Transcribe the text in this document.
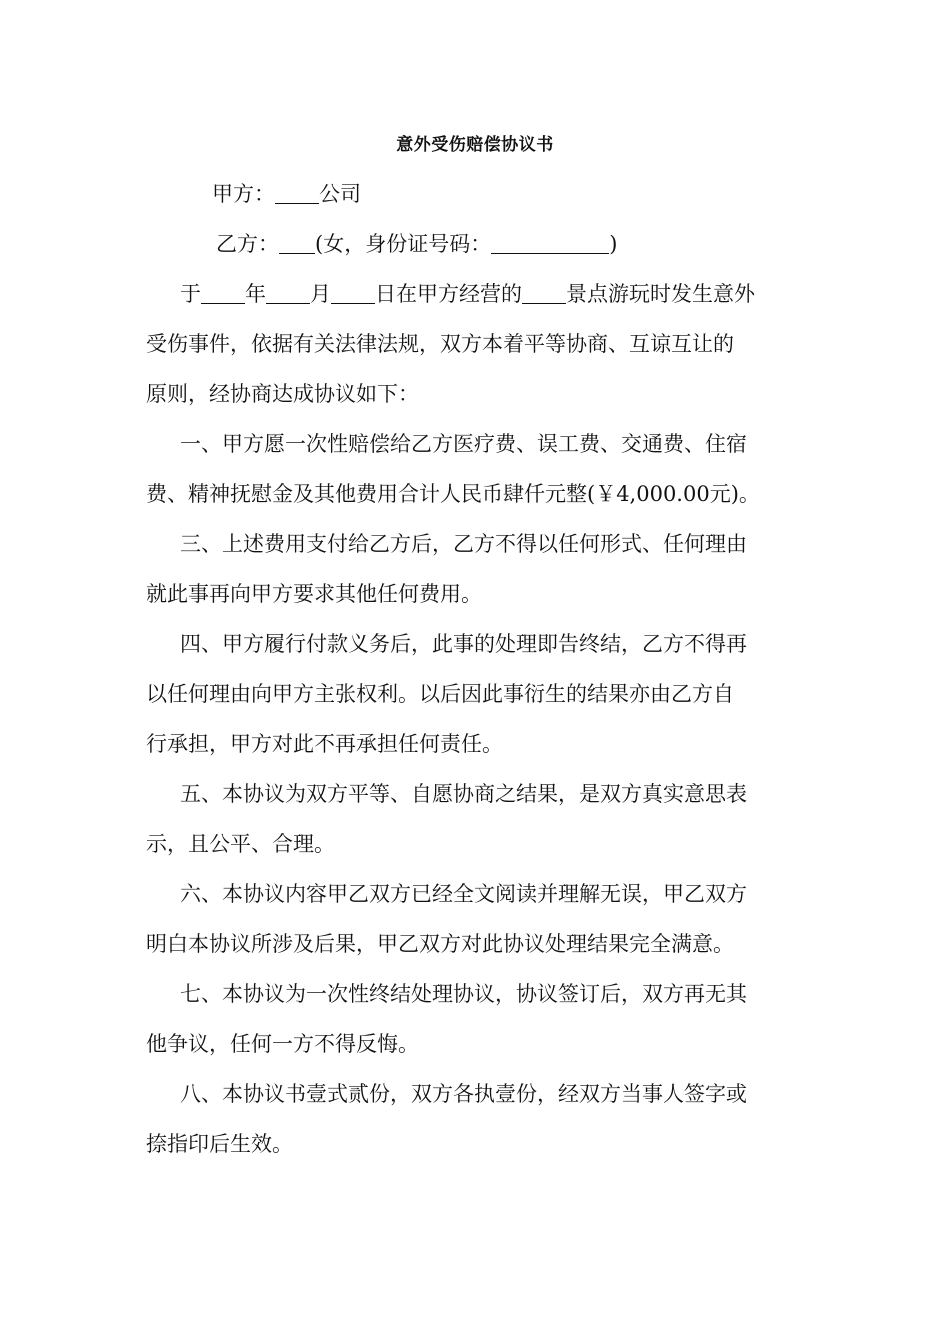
意外受伤赔偿协议书
甲方： 公司
乙方： (女，身份证号码：	)
于 年 月 日在甲方经营的 景点游玩时发生意外
受伤事件，依据有关法律法规，双方本着平等协商、互谅互让的
原则，经协商达成协议如下：
一、甲方愿一次性赔偿给乙方医疗费、误工费、交通费、住宿
费、精神抚慰金及其他费用合计人民币肆仟元整(￥4,000.00元)。
三、上述费用支付给乙方后，乙方不得以任何形式、任何理由
就此事再向甲方要求其他任何费用。
四、甲方履行付款义务后，此事的处理即告终结，乙方不得再
以任何理由向甲方主张权利。以后因此事衍生的结果亦由乙方自
行承担，甲方对此不再承担任何责任。
五、本协议为双方平等、自愿协商之结果，是双方真实意思表
示，且公平、合理。
六、本协议内容甲乙双方已经全文阅读并理解无误，甲乙双方
明白本协议所涉及后果，甲乙双方对此协议处理结果完全满意。
七、本协议为一次性终结处理协议，协议签订后，双方再无其
他争议，任何一方不得反悔。
八、本协议书壹式贰份，双方各执壹份，经双方当事人签字或
捺指印后生效。
